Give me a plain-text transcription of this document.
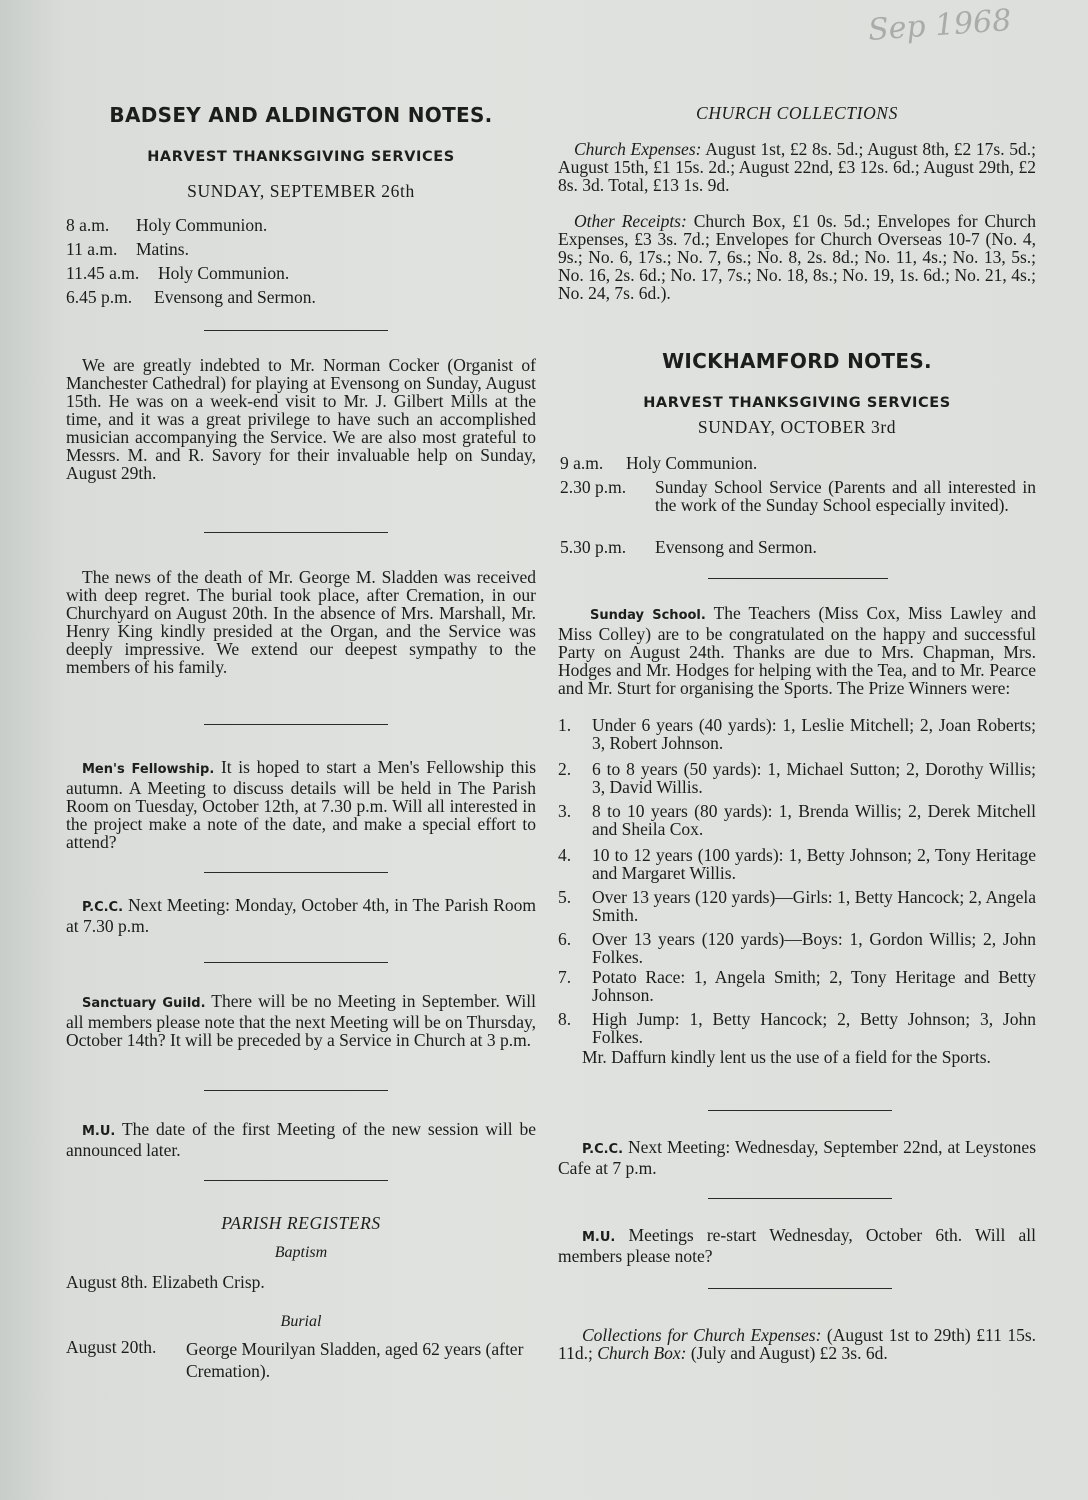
Sep 1968
BADSEY AND ALDINGTON NOTES.
HARVEST THANKSGIVING SERVICES
SUNDAY, SEPTEMBER 26th
8 a.m.	Holy Communion.
11 a.m.	Matins.
11.45 a.m.	Holy Communion.
6.45 p.m.	Evensong and Sermon.
We are greatly indebted to Mr. Norman Cocker (Organist of Manchester Cathedral) for playing at Evensong on Sunday, August 15th. He was on a week-end visit to Mr. J. Gilbert Mills at the time, and it was a great privilege to have such an accomplished musician accompanying the Service. We are also most grateful to Messrs. M. and R. Savory for their invaluable help on Sunday, August 29th.
The news of the death of Mr. George M. Sladden was received with deep regret. The burial took place, after Cremation, in our Churchyard on August 20th. In the absence of Mrs. Marshall, Mr. Henry King kindly presided at the Organ, and the Service was deeply impressive. We extend our deepest sympathy to the members of his family.
Men's Fellowship. It is hoped to start a Men's Fellowship this autumn. A Meeting to discuss details will be held in The Parish Room on Tuesday, October 12th, at 7.30 p.m. Will all interested in the project make a note of the date, and make a special effort to attend?
P.C.C. Next Meeting: Monday, October 4th, in The Parish Room at 7.30 p.m.
Sanctuary Guild. There will be no Meeting in September. Will all members please note that the next Meeting will be on Thursday, October 14th? It will be preceded by a Service in Church at 3 p.m.
M.U. The date of the first Meeting of the new session will be announced later.
PARISH REGISTERS
Baptism
August 8th. Elizabeth Crisp.
Burial
August 20th.	George Mourilyan Sladden, aged 62 years (after Cremation).
CHURCH COLLECTIONS
Church Expenses: August 1st, £2 8s. 5d.; August 8th, £2 17s. 5d.; August 15th, £1 15s. 2d.; August 22nd, £3 12s. 6d.; August 29th, £2 8s. 3d. Total, £13 1s. 9d.
Other Receipts: Church Box, £1 0s. 5d.; Envelopes for Church Expenses, £3 3s. 7d.; Envelopes for Church Overseas 10-7 (No. 4, 9s.; No. 6, 17s.; No. 7, 6s.; No. 8, 2s. 8d.; No. 11, 4s.; No. 13, 5s.; No. 16, 2s. 6d.; No. 17, 7s.; No. 18, 8s.; No. 19, 1s. 6d.; No. 21, 4s.; No. 24, 7s. 6d.).
WICKHAMFORD NOTES.
HARVEST THANKSGIVING SERVICES
SUNDAY, OCTOBER 3rd
9 a.m.	Holy Communion.
2.30 p.m.	Sunday School Service (Parents and all interested in the work of the Sunday School especially invited).
5.30 p.m.	Evensong and Sermon.
Sunday School. The Teachers (Miss Cox, Miss Lawley and Miss Colley) are to be congratulated on the happy and successful Party on August 24th. Thanks are due to Mrs. Chapman, Mrs. Hodges and Mr. Hodges for helping with the Tea, and to Mr. Pearce and Mr. Sturt for organising the Sports. The Prize Winners were:
1.	Under 6 years (40 yards): 1, Leslie Mitchell; 2, Joan Roberts; 3, Robert Johnson.
2.	6 to 8 years (50 yards): 1, Michael Sutton; 2, Dorothy Willis; 3, David Willis.
3.	8 to 10 years (80 yards): 1, Brenda Willis; 2, Derek Mitchell and Sheila Cox.
4.	10 to 12 years (100 yards): 1, Betty Johnson; 2, Tony Heritage and Margaret Willis.
5.	Over 13 years (120 yards)—Girls: 1, Betty Hancock; 2, Angela Smith.
6.	Over 13 years (120 yards)—Boys: 1, Gordon Willis; 2, John Folkes.
7.	Potato Race: 1, Angela Smith; 2, Tony Heritage and Betty Johnson.
8.	High Jump: 1, Betty Hancock; 2, Betty Johnson; 3, John Folkes.
Mr. Daffurn kindly lent us the use of a field for the Sports.
P.C.C. Next Meeting: Wednesday, September 22nd, at Leystones Cafe at 7 p.m.
M.U. Meetings re-start Wednesday, October 6th. Will all members please note?
Collections for Church Expenses: (August 1st to 29th) £11 15s. 11d.; Church Box: (July and August) £2 3s. 6d.
